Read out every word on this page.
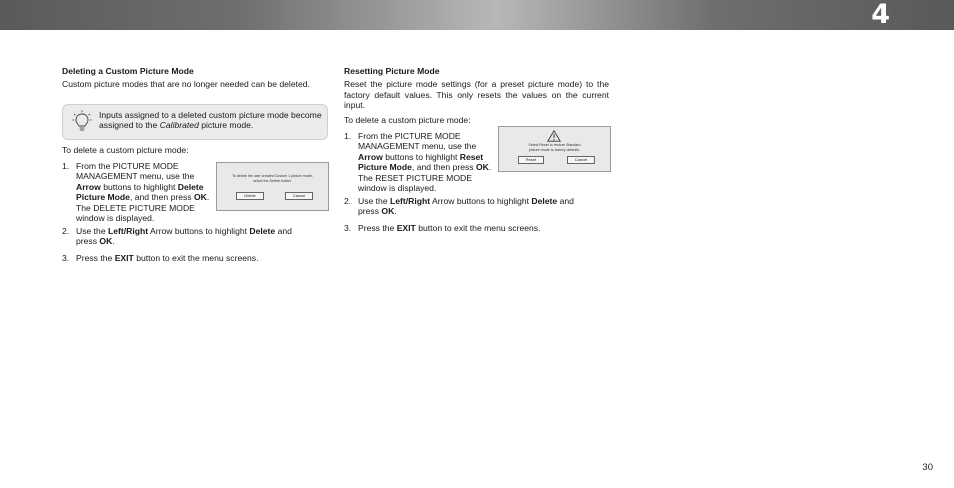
4

Deleting a Custom Picture Mode

Custom picture modes that are no longer needed can be deleted.

Inputs assigned to a deleted custom picture mode become assigned to the Calibrated picture mode.

To delete a custom picture mode:

1. From the PICTURE MODE MANAGEMENT menu, use the Arrow buttons to highlight Delete Picture Mode, and then press OK. The DELETE PICTURE MODE window is displayed.
To delete the user created Custom 1 picture mode,
select the Delete button.
Delete	Cancel
2. Use the Left/Right Arrow buttons to highlight Delete and press OK.
3. Press the EXIT button to exit the menu screens.

Resetting Picture Mode

Reset the picture mode settings (for a preset picture mode) to the factory default values. This only resets the values on the current input.

To delete a custom picture mode:

1. From the PICTURE MODE MANAGEMENT menu, use the Arrow buttons to highlight Reset Picture Mode, and then press OK. The RESET PICTURE MODE window is displayed.
Select Reset to restore Standard
picture mode to factory defaults.
Reset	Cancel
2. Use the Left/Right Arrow buttons to highlight Delete and press OK.
3. Press the EXIT button to exit the menu screens.
30
